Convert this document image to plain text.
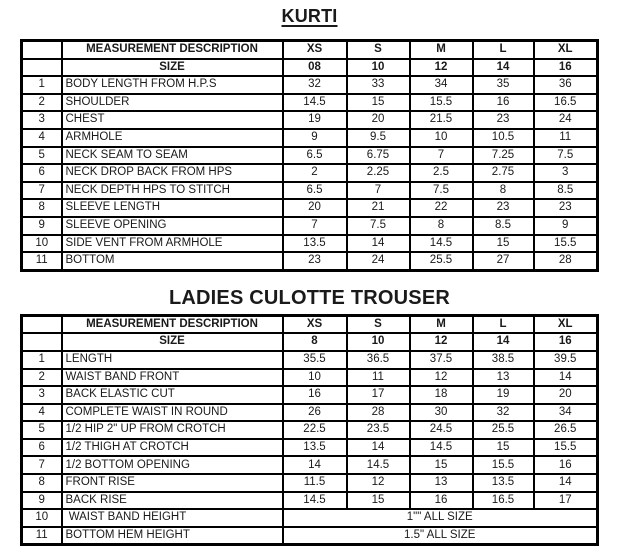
KURTI
	MEASUREMENT DESCRIPTION	XS	S	M	L	XL
	SIZE	08	10	12	14	16
1	BODY LENGTH FROM H.P.S	32	33	34	35	36
2	SHOULDER	14.5	15	15.5	16	16.5
3	CHEST	19	20	21.5	23	24
4	ARMHOLE	9	9.5	10	10.5	11
5	NECK SEAM TO SEAM	6.5	6.75	7	7.25	7.5
6	NECK DROP BACK FROM HPS	2	2.25	2.5	2.75	3
7	NECK DEPTH HPS TO STITCH	6.5	7	7.5	8	8.5
8	SLEEVE LENGTH	20	21	22	23	23
9	SLEEVE OPENING	7	7.5	8	8.5	9
10	SIDE VENT FROM ARMHOLE	13.5	14	14.5	15	15.5
11	BOTTOM	23	24	25.5	27	28
LADIES CULOTTE TROUSER
	MEASUREMENT DESCRIPTION	XS	S	M	L	XL
	SIZE	8	10	12	14	16
1	LENGTH	35.5	36.5	37.5	38.5	39.5
2	WAIST BAND FRONT	10	11	12	13	14
3	BACK ELASTIC CUT	16	17	18	19	20
4	COMPLETE WAIST IN ROUND	26	28	30	32	34
5	1/2 HIP 2" UP FROM CROTCH	22.5	23.5	24.5	25.5	26.5
6	1/2 THIGH AT CROTCH	13.5	14	14.5	15	15.5
7	1/2 BOTTOM OPENING	14	14.5	15	15.5	16
8	FRONT RISE	11.5	12	13	13.5	14
9	BACK RISE	14.5	15	16	16.5	17
10	WAIST BAND HEIGHT	1"" ALL SIZE				
11	BOTTOM HEM HEIGHT	1.5" ALL SIZE				
